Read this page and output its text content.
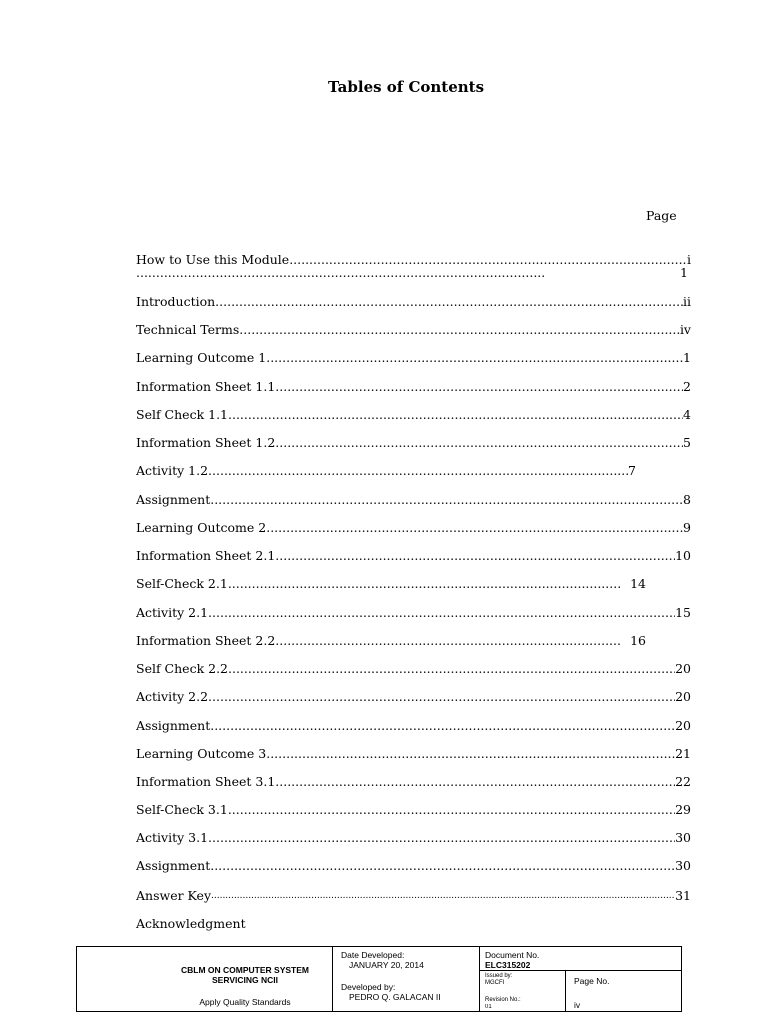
Tables of Contents
Page
How to Use this Module .....	i
Introduction .....	ii
Technical Terms .....	iv
Learning Outcome 1 .....	1
Information Sheet 1.1 .....	2
Self Check 1.1 .....	4
Information Sheet 1.2 .....	5
Activity 1.2 .....	7
Assignment .....	8
Learning Outcome 2 .....	9
Information Sheet 2.1 .....	10
Self-Check 2.1 .....	14
Activity 2.1 .....	15
Information Sheet 2.2 .....	16
Self Check 2.2 .....	20
Activity 2.2 .....	20
Assignment .....	20
Learning Outcome 3 .....	21
Information Sheet 3.1 .....	22
Self-Check 3.1 .....	29
Activity 3.1 .....	30
Assignment .....	30
Answer Key .....	31
.....
1
Acknowledgment
CBLM ON COMPUTER SYSTEM
SERVICING NCII
Apply Quality Standards
Date Developed:
JANUARY 20, 2014
Developed by:
PEDRO Q. GALACAN II
Document No.
ELC315202
Issued by:
MGCFI
Revision No.:
01
Page No.
iv
